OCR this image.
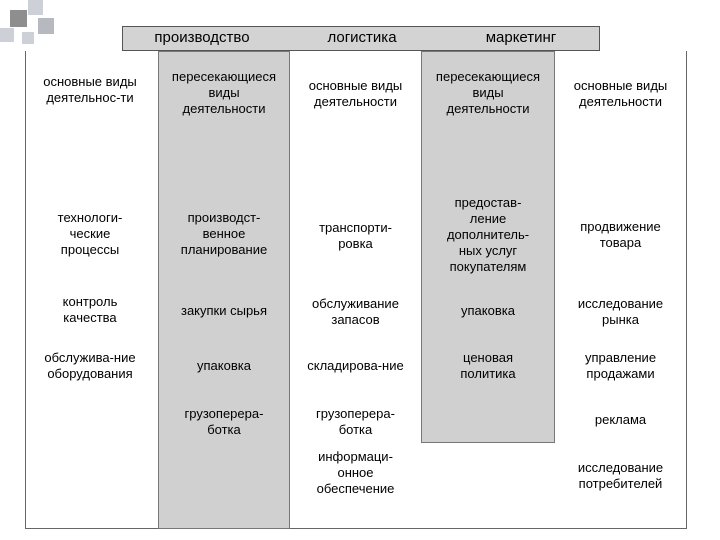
производство	логистика	маркетинг
основные виды
деятельнос-ти
технологи-
ческие
процессы
контроль
качества
обслужива-ние
оборудования
пересекающиеся
виды
деятельности
производст-
венное
планирование
закупки сырья
упаковка
грузоперера-
ботка
основные виды
деятельности
транспорти-
ровка
обслуживание
запасов
складирова-ние
грузоперера-
ботка
информаци-
онное
обеспечение
пересекающиеся
виды
деятельности
предостав-
ление
дополнитель-
ных услуг
покупателям
упаковка
ценовая
политика
основные виды
деятельности
продвижение
товара
исследование
рынка
управление
продажами
реклама
исследование
потребителей
